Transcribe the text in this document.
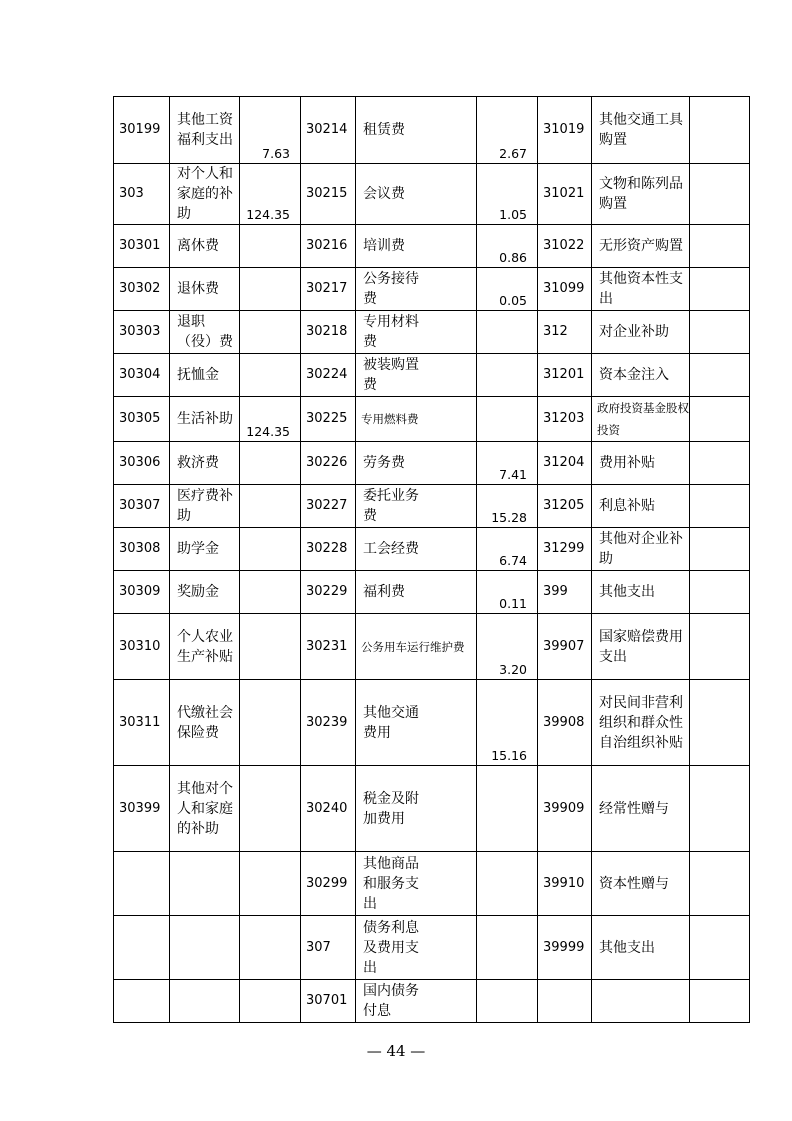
30199	其他工资福利支出	7.63	30214	租赁费	2.67	31019	其他交通工具购置	

303	对个人和家庭的补助	124.35	30215	会议费	1.05	31021	文物和陈列品购置	

30301	离休费		30216	培训费	0.86	31022	无形资产购置	

30302	退休费		30217	公务接待费	0.05	31099	其他资本性支出	

30303	退职（役）费		30218	专用材料费		312	对企业补助	

30304	抚恤金		30224	被装购置费		31201	资本金注入	

30305	生活补助	124.35	30225	专用燃料费		31203	政府投资基金股权投资	

30306	救济费		30226	劳务费	7.41	31204	费用补贴	

30307	医疗费补助		30227	委托业务费	15.28	31205	利息补贴	

30308	助学金		30228	工会经费	6.74	31299	其他对企业补助	

30309	奖励金		30229	福利费	0.11	399	其他支出	

30310	个人农业生产补贴		30231	公务用车运行维护费	3.20	39907	国家赔偿费用支出	

30311	代缴社会保险费		30239	其他交通费用	15.16	39908	对民间非营利组织和群众性自治组织补贴	

30399	其他对个人和家庭的补助		30240	税金及附加费用		39909	经常性赠与	

		30299	其他商品和服务支出		39910	资本性赠与	

		307	债务利息及费用支出		39999	其他支出	

		30701	国内债务付息				

— 44 —
